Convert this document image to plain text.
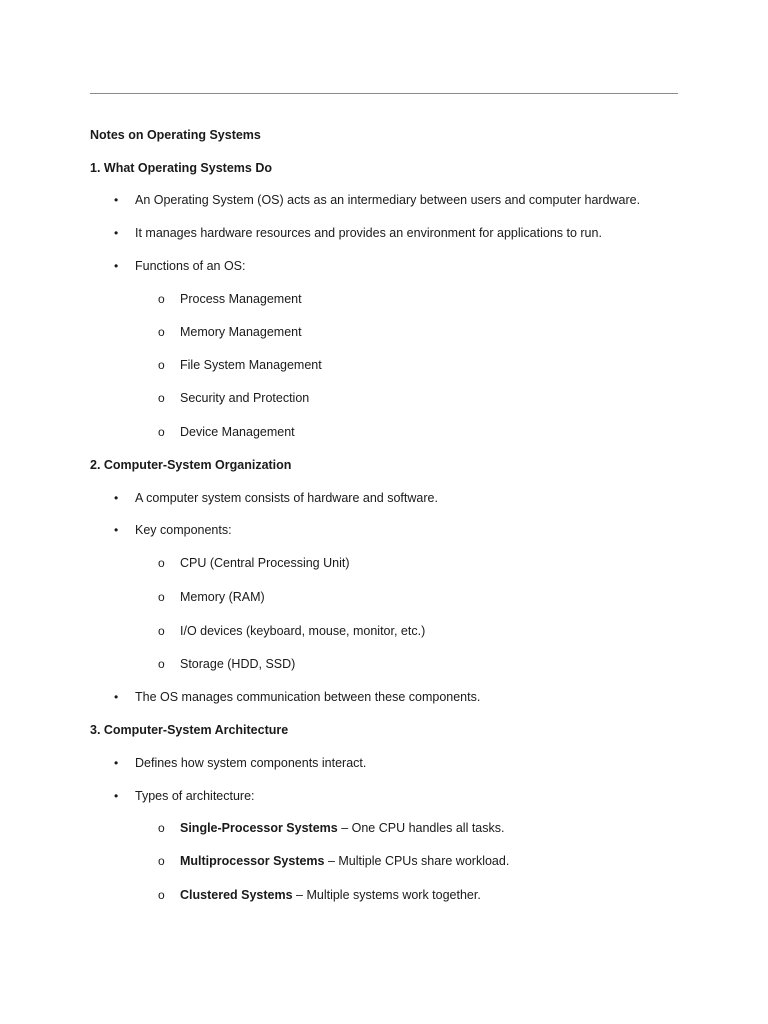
Notes on Operating Systems
1. What Operating Systems Do
• An Operating System (OS) acts as an intermediary between users and computer hardware.
• It manages hardware resources and provides an environment for applications to run.
• Functions of an OS:
o Process Management
o Memory Management
o File System Management
o Security and Protection
o Device Management
2. Computer-System Organization
• A computer system consists of hardware and software.
• Key components:
o CPU (Central Processing Unit)
o Memory (RAM)
o I/O devices (keyboard, mouse, monitor, etc.)
o Storage (HDD, SSD)
• The OS manages communication between these components.
3. Computer-System Architecture
• Defines how system components interact.
• Types of architecture:
o Single-Processor Systems – One CPU handles all tasks.
o Multiprocessor Systems – Multiple CPUs share workload.
o Clustered Systems – Multiple systems work together.
